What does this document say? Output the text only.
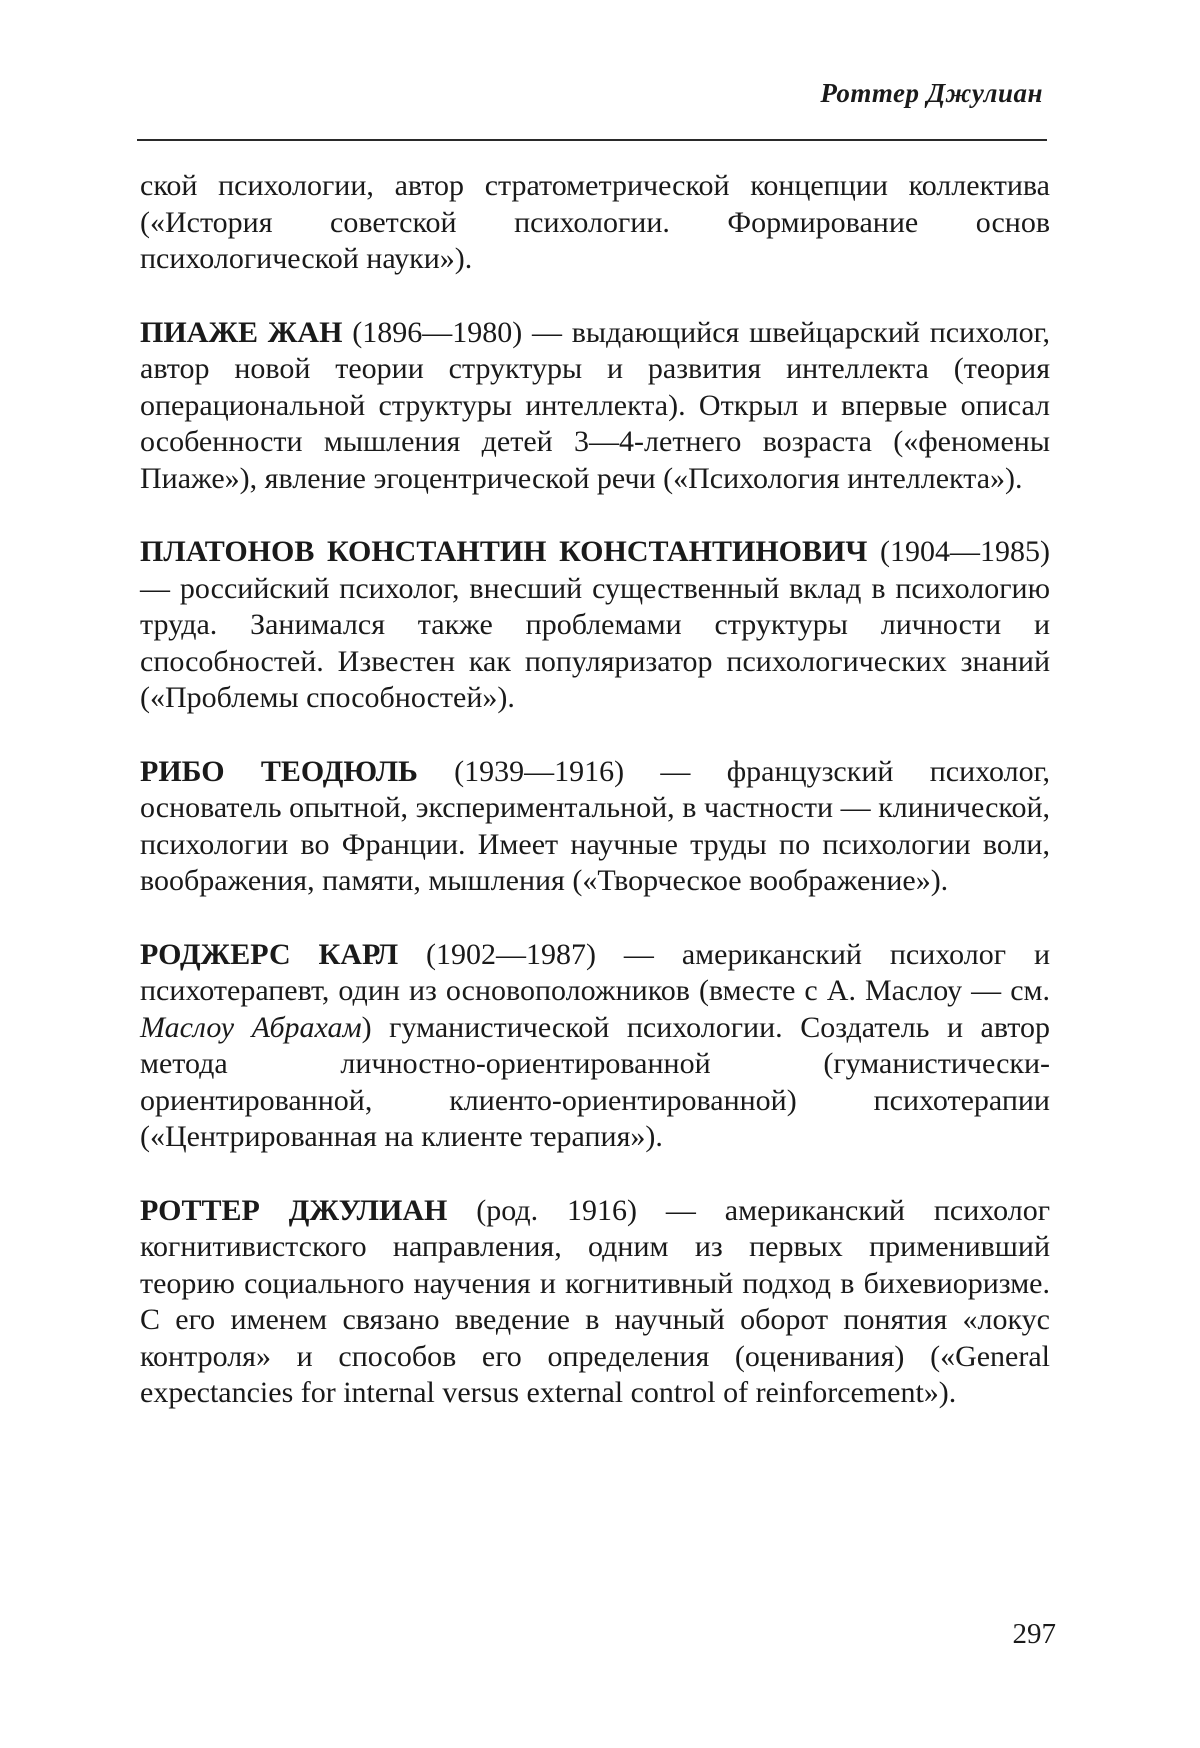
Роттер Джулиан

ской психологии, автор стратометрической концепции коллектива («История советской психологии. Формирование основ психологической науки»).

ПИАЖЕ ЖАН (1896—1980) — выдающийся швейцарский психолог, автор новой теории структуры и развития интеллекта (теория операциональной структуры интеллекта). Открыл и впервые описал особенности мышления детей 3—4-летнего возраста («феномены Пиаже»), явление эгоцентрической речи («Психология интеллекта»).

ПЛАТОНОВ КОНСТАНТИН КОНСТАНТИНОВИЧ (1904—1985) — российский психолог, внесший существенный вклад в психологию труда. Занимался также проблемами структуры личности и способностей. Известен как популяризатор психологических знаний («Проблемы способностей»).

РИБО ТЕОДЮЛЬ (1939—1916) — французский психолог, основатель опытной, экспериментальной, в частности — клинической, психологии во Франции. Имеет научные труды по психологии воли, воображения, памяти, мышления («Творческое воображение»).

РОДЖЕРС КАРЛ (1902—1987) — американский психолог и психотерапевт, один из основоположников (вместе с А. Маслоу — см. Маслоу Абрахам) гуманистической психологии. Создатель и автор метода личностно-ориентированной (гуманистически-ориентированной, клиенто-ориентированной) психотерапии («Центрированная на клиенте терапия»).

РОТТЕР ДЖУЛИАН (род. 1916) — американский психолог когнитивистского направления, одним из первых применивший теорию социального научения и когнитивный подход в бихевиоризме. С его именем связано введение в научный оборот понятия «локус контроля» и способов его определения (оценивания) («General expectancies for internal versus external control of reinforcement»).

297
